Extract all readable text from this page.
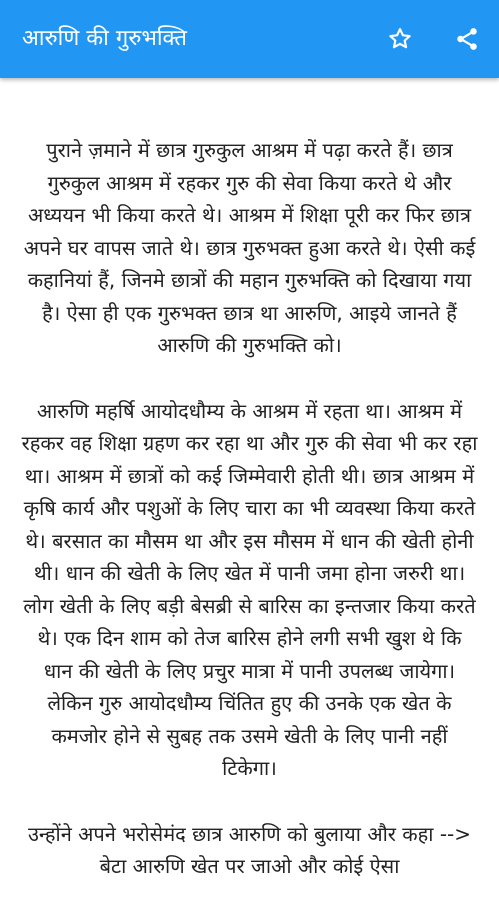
आरुणि की गुरुभक्ति

पुराने ज़माने में छात्र गुरुकुल आश्रम में पढ़ा करते हैं। छात्र गुरुकुल आश्रम में रहकर गुरु की सेवा किया करते थे और अध्ययन भी किया करते थे। आश्रम में शिक्षा पूरी कर फिर छात्र अपने घर वापस जाते थे। छात्र गुरुभक्त हुआ करते थे। ऐसी कई कहानियां हैं, जिनमे छात्रों की महान गुरुभक्ति को दिखाया गया है। ऐसा ही एक गुरुभक्त छात्र था आरुणि, आइये जानते हैं आरुणि की गुरुभक्ति को।

आरुणि महर्षि आयोदधौम्य के आश्रम में रहता था। आश्रम में रहकर वह शिक्षा ग्रहण कर रहा था और गुरु की सेवा भी कर रहा था। आश्रम में छात्रों को कई जिम्मेवारी होती थी। छात्र आश्रम में कृषि कार्य और पशुओं के लिए चारा का भी व्यवस्था किया करते थे। बरसात का मौसम था और इस मौसम में धान की खेती होनी थी। धान की खेती के लिए खेत में पानी जमा होना जरुरी था। लोग खेती के लिए बड़ी बेसब्री से बारिस का इन्तजार किया करते थे। एक दिन शाम को तेज बारिस होने लगी सभी खुश थे कि धान की खेती के लिए प्रचुर मात्रा में पानी उपलब्ध जायेगा। लेकिन गुरु आयोदधौम्य चिंतित हुए की उनके एक खेत के कमजोर होने से सुबह तक उसमे खेती के लिए पानी नहीं टिकेगा।

उन्होंने अपने भरोसेमंद छात्र आरुणि को बुलाया और कहा --> बेटा आरुणि खेत पर जाओ और कोई ऐसा
